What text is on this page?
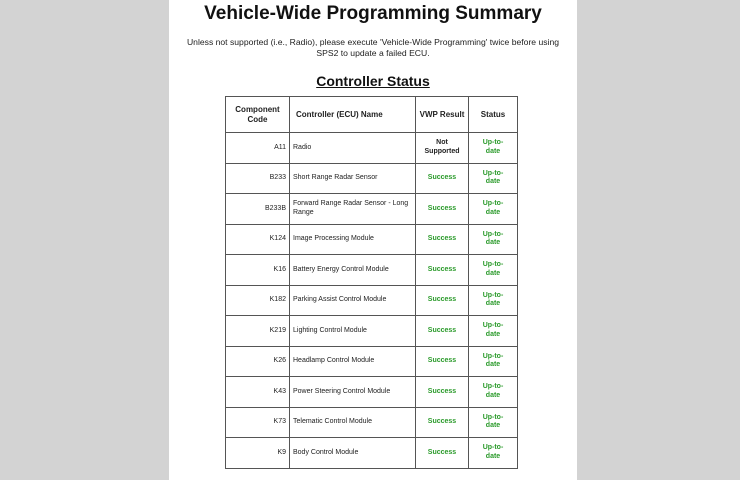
Vehicle-Wide Programming Summary

Unless not supported (i.e., Radio), please execute 'Vehicle-Wide Programming' twice before using SPS2 to update a failed ECU.

Controller Status
Component Code	Controller (ECU) Name	VWP Result	Status
A11	Radio	Not Supported	Up-to-date
B233	Short Range Radar Sensor	Success	Up-to-date
B233B	Forward Range Radar Sensor - Long Range	Success	Up-to-date
K124	Image Processing Module	Success	Up-to-date
K16	Battery Energy Control Module	Success	Up-to-date
K182	Parking Assist Control Module	Success	Up-to-date
K219	Lighting Control Module	Success	Up-to-date
K26	Headlamp Control Module	Success	Up-to-date
K43	Power Steering Control Module	Success	Up-to-date
K73	Telematic Control Module	Success	Up-to-date
K9	Body Control Module	Success	Up-to-date
